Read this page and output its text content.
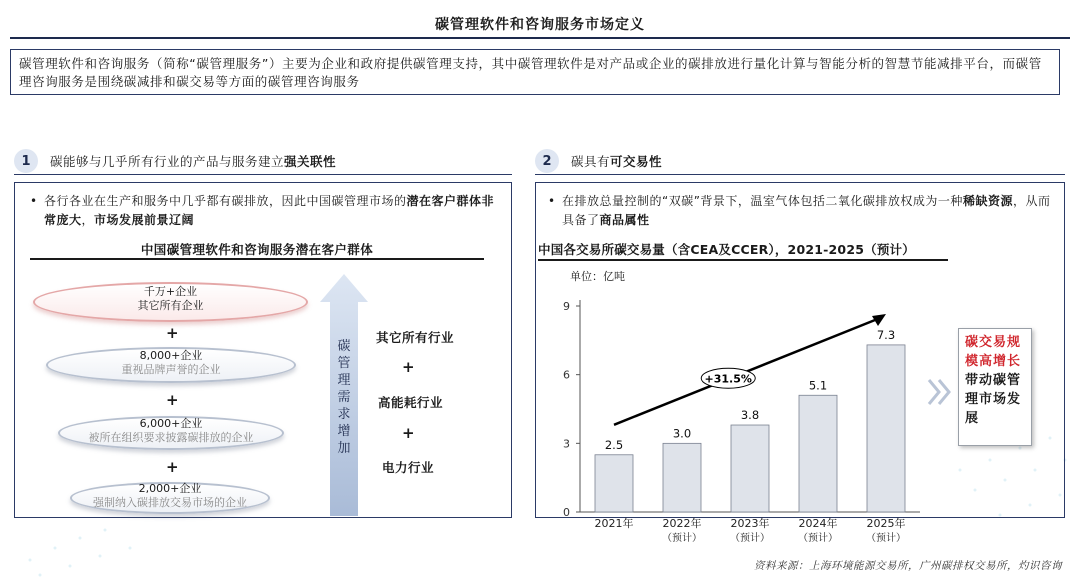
碳管理软件和咨询服务市场定义
碳管理软件和咨询服务（简称“碳管理服务”）主要为企业和政府提供碳管理支持，其中碳管理软件是对产品或企业的碳排放进行量化计算与智能分析的智慧节能减排平台，而碳管理咨询服务是围绕碳减排和碳交易等方面的碳管理咨询服务
1	碳能够与几乎所有行业的产品与服务建立强关联性	2	碳具有可交易性
• 各行各业在生产和服务中几乎都有碳排放，因此中国碳管理市场的潜在客户群体非常庞大，市场发展前景辽阔
中国碳管理软件和咨询服务潜在客户群体
千万+企业
其它所有企业
+
8,000+企业
重视品牌声誉的企业
+
6,000+企业
被所在组织要求披露碳排放的企业
+
2,000+企业
强制纳入碳排放交易市场的企业
碳
管
理
需
求
增
加
其它所有行业
+
高能耗行业
+
电力行业
• 在排放总量控制的“双碳”背景下，温室气体包括二氧化碳排放权成为一种稀缺资源，从而具备了商品属性
中国各交易所碳交易量（含CEA及CCER），2021-2025（预计）
单位：亿吨
0
3
6
9
2.5
2021年
3.0
2022年
（预计）
3.8
2023年
（预计）
5.1
2024年
（预计）
7.3
2025年
（预计）
+31.5%
碳交易规模高增长带动碳管理市场发展
资料来源：上海环境能源交易所，广州碳排权交易所，灼识咨询
